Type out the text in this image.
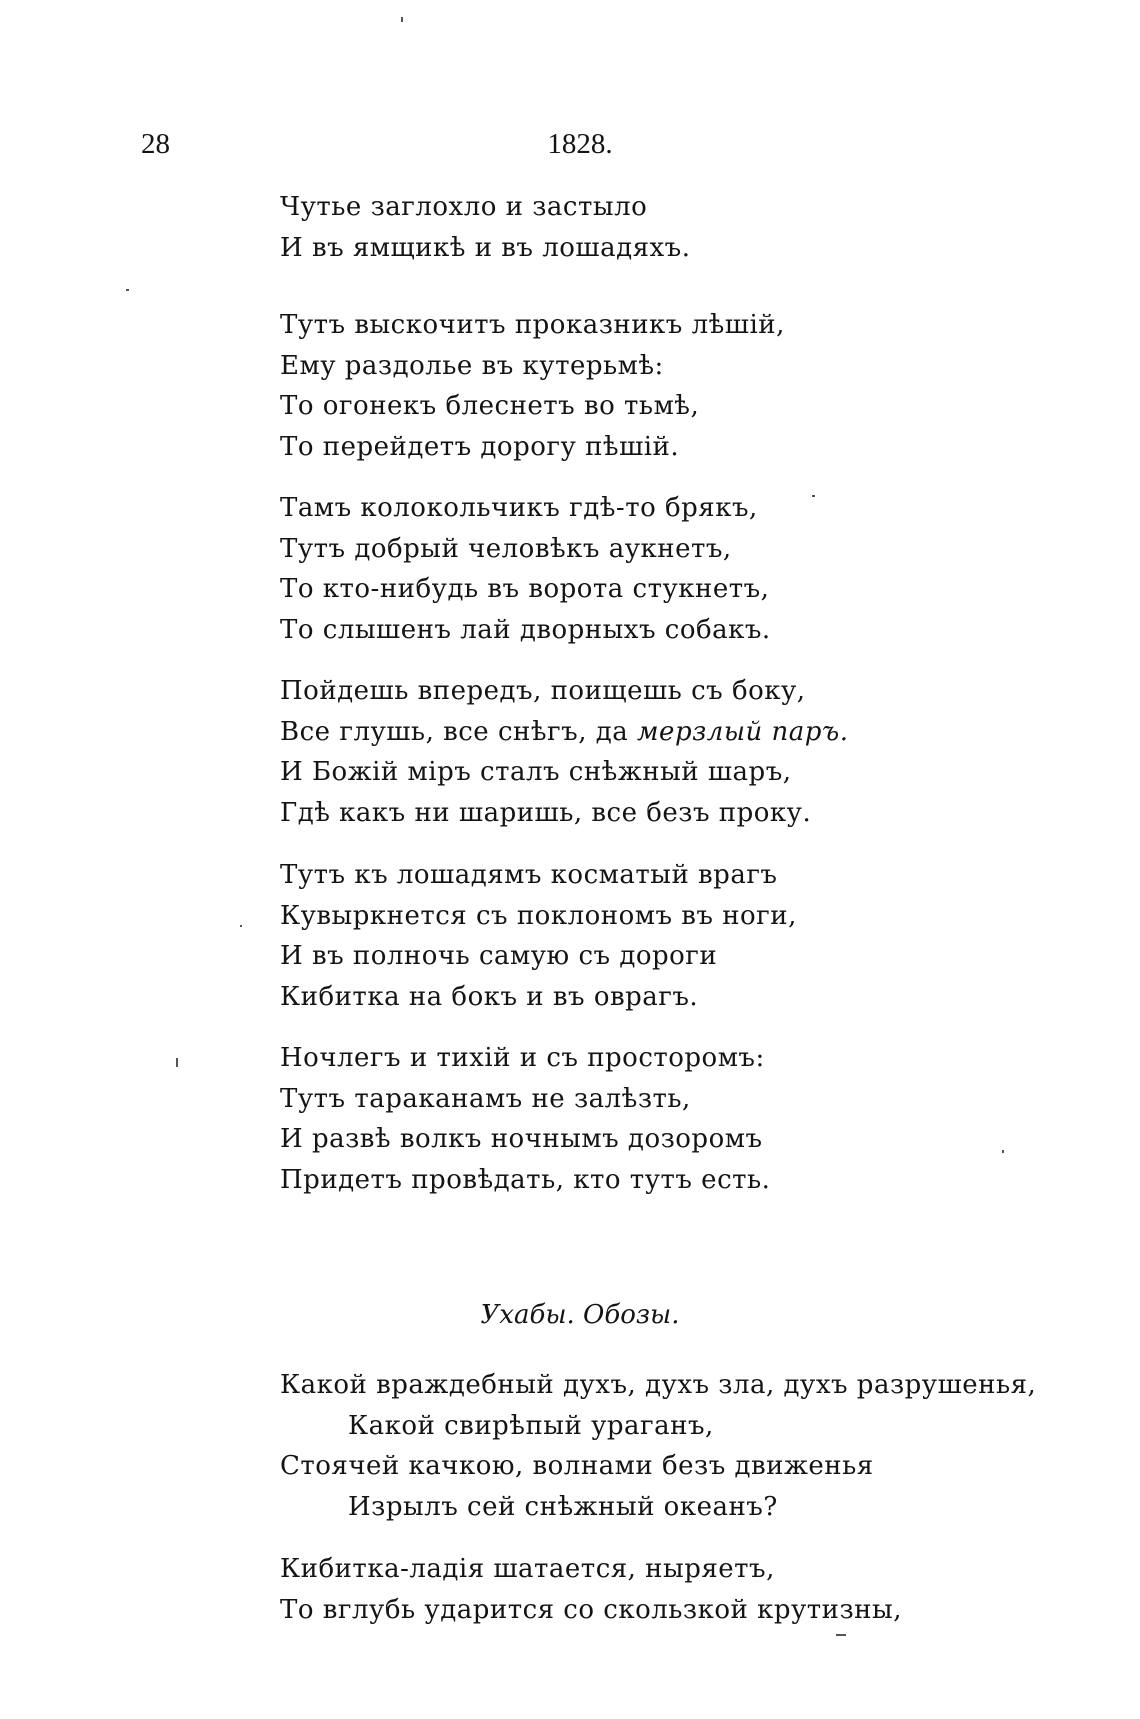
28	1828.
Чутье заглохло и застыло
И въ ямщикѣ и въ лошадяхъ.
Тутъ выскочитъ проказникъ лѣшій,
Ему раздолье въ кутерьмѣ:
То огонекъ блеснетъ во тьмѣ,
То перейдетъ дорогу пѣшій.
Тамъ колокольчикъ гдѣ-то брякъ,
Тутъ добрый человѣкъ аукнетъ,
То кто-нибудь въ ворота стукнетъ,
То слышенъ лай дворныхъ собакъ.
Пойдешь впередъ, поищешь съ боку,
Все глушь, все снѣгъ, да мерзлый паръ.
И Божій міръ сталъ снѣжный шаръ,
Гдѣ какъ ни шаришь, все безъ проку.
Тутъ къ лошадямъ косматый врагъ
Кувыркнется съ поклономъ въ ноги,
И въ полночь самую съ дороги
Кибитка на бокъ и въ оврагъ.
Ночлегъ и тихій и съ просторомъ:
Тутъ тараканамъ не залѣзть,
И развѣ волкъ ночнымъ дозоромъ
Придетъ провѣдать, кто тутъ есть.
Какой враждебный духъ, духъ зла, духъ разрушенья,
Какой свирѣпый ураганъ,
Стоячей качкою, волнами безъ движенья
Изрылъ сей снѣжный океанъ?
Кибитка-ладія шатается, ныряетъ,
То вглубь ударится со скользкой крутизны,
Ухабы. Обозы.
